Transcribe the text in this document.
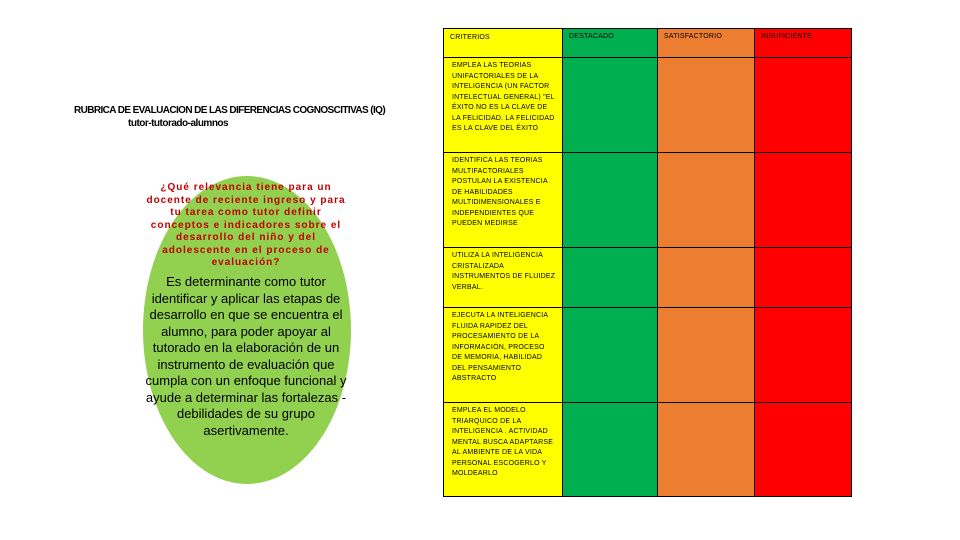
RUBRICA DE EVALUACION DE LAS DIFERENCIAS COGNOSCITIVAS (IQ)
tutor-tutorado-alumnos
¿Qué relevancia tiene para un docente de reciente ingreso y para tu tarea como tutor definir conceptos e indicadores sobre el desarrollo del niño y del adolescente en el proceso de evaluación?
Es determinante como tutor identificar y aplicar las etapas de desarrollo en que se encuentra el alumno, para poder apoyar al tutorado en la elaboración de un instrumento de evaluación que cumpla con un enfoque funcional y ayude a determinar las fortalezas - debilidades de su grupo asertivamente.
CRITERIOS	DESTACADO	SATISFACTORIO	INSUFICIENTE
EMPLEA LAS TEORIAS UNIFACTORIALES DE LA INTELIGENCIA (UN FACTOR INTELECTUAL GENERAL) "EL ÉXITO NO ES LA CLAVE DE LA FELICIDAD. LA FELICIDAD ES LA CLAVE DEL ÉXITO			
IDENTIFICA LAS TEORIAS MULTIFACTORIALES POSTULAN LA EXISTENCIA DE HABILIDADES MULTIDIMENSIONALES E INDEPENDIENTES QUE PUEDEN MEDIRSE			
UTILIZA LA INTELIGENCIA CRISTALIZADA INSTRUMENTOS DE FLUIDEZ VERBAL.			
EJECUTA LA INTELIGENCIA FLUIDA RAPIDEZ DEL PROCESAMIENTO DE LA INFORMACIÓN, PROCESO DE MEMORIA, HABILIDAD DEL PENSAMIENTO ABSTRACTO			
EMPLEA EL MODELO TRIARQUICO DE LA INTELIGENCIA . ACTIVIDAD MENTAL BUSCA ADAPTARSE AL AMBIENTE DE LA VIDA PERSONAL ESCOGERLO Y MOLDEARLO			
